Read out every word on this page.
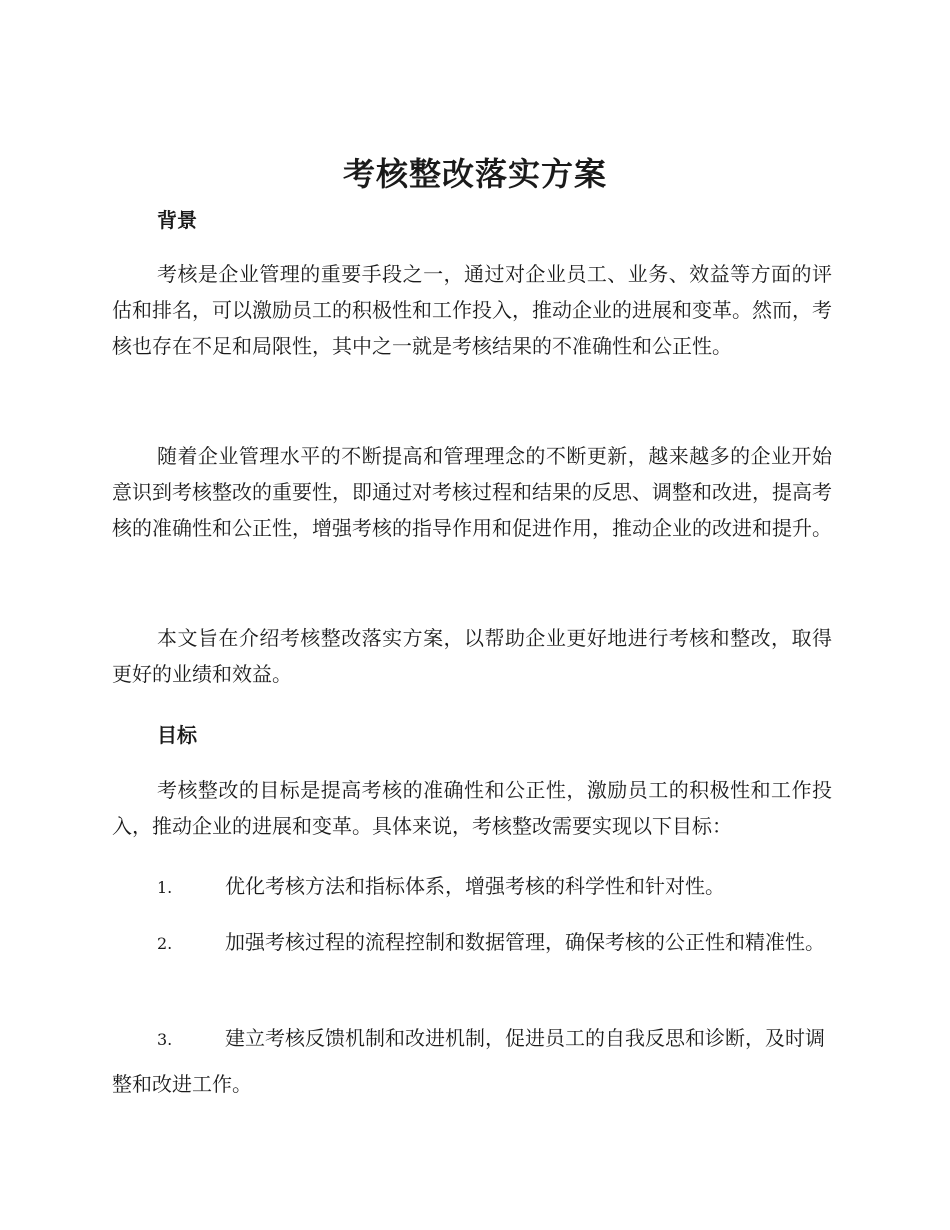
考核整改落实方案
背景

考核是企业管理的重要手段之一，通过对企业员工、业务、效益等方面的评估和排名，可以激励员工的积极性和工作投入，推动企业的进展和变革。然而，考核也存在不足和局限性，其中之一就是考核结果的不准确性和公正性。

随着企业管理水平的不断提高和管理理念的不断更新，越来越多的企业开始意识到考核整改的重要性，即通过对考核过程和结果的反思、调整和改进，提高考核的准确性和公正性，增强考核的指导作用和促进作用，推动企业的改进和提升。

本文旨在介绍考核整改落实方案，以帮助企业更好地进行考核和整改，取得更好的业绩和效益。

目标

考核整改的目标是提高考核的准确性和公正性，激励员工的积极性和工作投入，推动企业的进展和变革。具体来说，考核整改需要实现以下目标：

1.	优化考核方法和指标体系，增强考核的科学性和针对性。

2.	加强考核过程的流程控制和数据管理，确保考核的公正性和精准性。

3.	建立考核反馈机制和改进机制，促进员工的自我反思和诊断，及时调整和改进工作。
